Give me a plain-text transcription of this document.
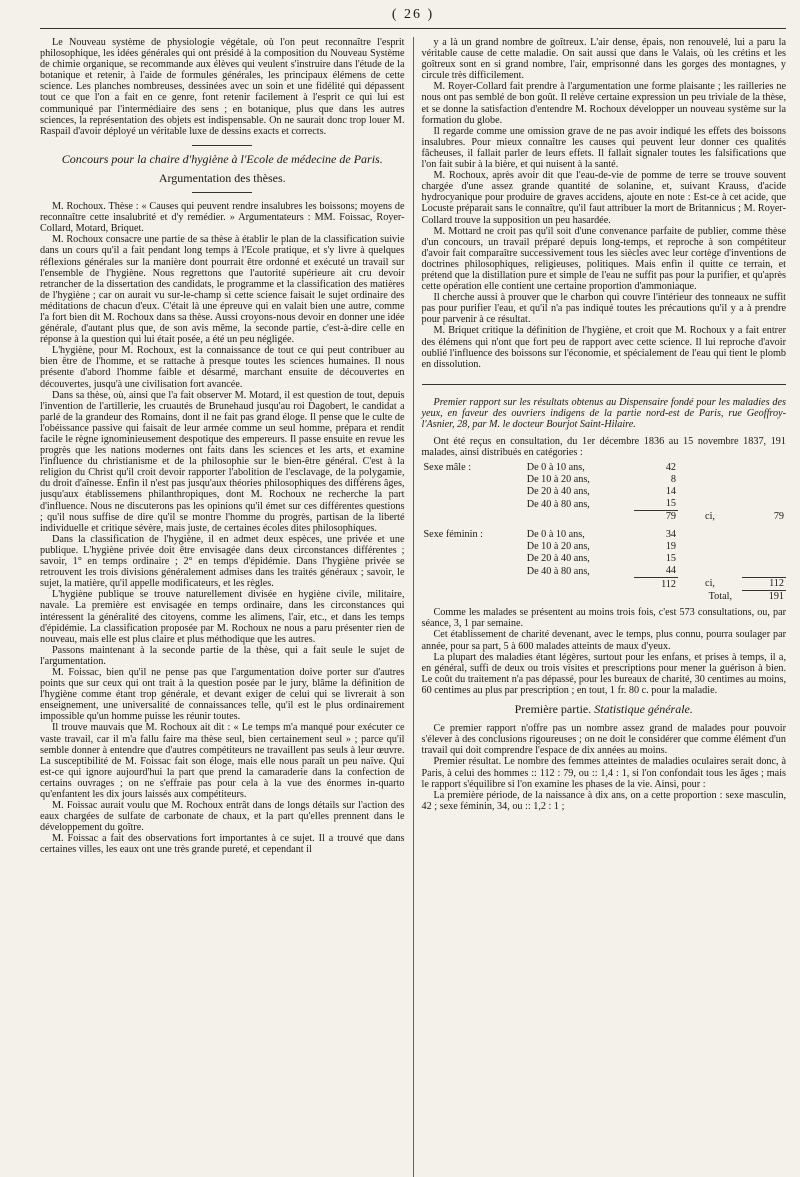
( 26 )

Le Nouveau système de physiologie végétale, où l'on peut reconnaître l'esprit philosophique, les idées générales qui ont présidé à la composition du Nouveau Système de chimie organique, se recommande aux élèves qui veulent s'instruire dans l'étude de la botanique et retenir, à l'aide de formules générales, les principaux élémens de cette science. Les planches nombreuses, dessinées avec un soin et une fidélité qui dépassent tout ce que l'on a fait en ce genre, font retenir facilement à l'esprit ce qui lui est communiqué par l'intermédiaire des sens ; en botanique, plus que dans les autres sciences, la représentation des objets est indispensable. On ne saurait donc trop louer M. Raspail d'avoir déployé un véritable luxe de dessins exacts et corrects.

Concours pour la chaire d'hygiène à l'Ecole de médecine de Paris.

Argumentation des thèses.

M. Rochoux. Thèse : « Causes qui peuvent rendre insalubres les boissons; moyens de reconnaître cette insalubrité et d'y remédier. » Argumentateurs : MM. Foissac, Royer-Collard, Motard, Briquet.

M. Rochoux consacre une partie de sa thèse à établir le plan de la classification suivie dans un cours qu'il a fait pendant long temps à l'Ecole pratique, et s'y livre à quelques réflexions générales sur la manière dont pourrait être ordonné et exécuté un travail sur l'ensemble de l'hygiène. Nous regrettons que l'autorité supérieure ait cru devoir retrancher de la dissertation des candidats, le programme et la classification des matières de l'hygiène ; car on aurait vu sur-le-champ si cette science faisait le sujet ordinaire des méditations de chacun d'eux. C'était là une épreuve qui en valait bien une autre, comme l'a fort bien dit M. Rochoux dans sa thèse. Aussi croyons-nous devoir en donner une idée générale, d'autant plus que, de son avis même, la seconde partie, c'est-à-dire celle en réponse à la question qui lui était posée, a été un peu négligée.

L'hygiène, pour M. Rochoux, est la connaissance de tout ce qui peut contribuer au bien être de l'homme, et se rattache à presque toutes les sciences humaines. Il nous présente d'abord l'homme faible et désarmé, marchant ensuite de découvertes en découvertes, jusqu'à une civilisation fort avancée.

Dans sa thèse, où, ainsi que l'a fait observer M. Motard, il est question de tout, depuis l'invention de l'artillerie, les cruautés de Brunehaud jusqu'au roi Dagobert, le candidat a parlé de la grandeur des Romains, dont il ne fait pas grand éloge. Il pense que le culte de l'obéissance passive qui faisait de leur armée comme un seul homme, prépara et rendit facile le règne ignominieusement despotique des empereurs. Il passe ensuite en revue les progrès que les nations modernes ont faits dans les sciences et les arts, et examine l'influence du christianisme et de la philosophie sur le bien-être général. C'est à la religion du Christ qu'il croit devoir rapporter l'abolition de l'esclavage, de la polygamie, du droit d'aînesse. Enfin il n'est pas jusqu'aux théories philosophiques des différens âges, jusqu'aux établissemens philanthropiques, dont M. Rochoux ne recherche la part d'influence. Nous ne discuterons pas les opinions qu'il émet sur ces différentes questions ; qu'il nous suffise de dire qu'il se montre l'homme du progrès, partisan de la liberté individuelle et critique sévère, mais juste, de certaines écoles dites philosophiques.

Dans la classification de l'hygiène, il en admet deux espèces, une privée et une publique. L'hygiène privée doit être envisagée dans deux circonstances différentes ; savoir, 1° en temps ordinaire ; 2° en temps d'épidémie. Dans l'hygiène privée se retrouvent les trois divisions généralement admises dans les traités généraux ; savoir, le sujet, la matière, qu'il appelle modificateurs, et les règles.

L'hygiène publique se trouve naturellement divisée en hygiène civile, militaire, navale. La première est envisagée en temps ordinaire, dans les circonstances qui intéressent la généralité des citoyens, comme les alimens, l'air, etc., et dans les temps d'épidémie. La classification proposée par M. Rochoux ne nous a paru présenter rien de nouveau, mais elle est plus claire et plus méthodique que les autres.

Passons maintenant à la seconde partie de la thèse, qui a fait seule le sujet de l'argumentation.

M. Foissac, bien qu'il ne pense pas que l'argumentation doive porter sur d'autres points que sur ceux qui ont trait à la question posée par le jury, blâme la définition de l'hygiène comme étant trop générale, et devant exiger de celui qui se livrerait à son enseignement, une universalité de connaissances telle, qu'il est le plus ordinairement impossible qu'un homme puisse les réunir toutes.

Il trouve mauvais que M. Rochoux ait dit : « Le temps m'a manqué pour exécuter ce vaste travail, car il m'a fallu faire ma thèse seul, bien certainement seul » ; parce qu'il semble donner à entendre que d'autres compétiteurs ne travaillent pas seuls à leur œuvre. La susceptibilité de M. Foissac fait son éloge, mais elle nous paraît un peu naïve. Qui est-ce qui ignore aujourd'hui la part que prend la camaraderie dans la confection de certains ouvrages ; on ne s'effraie pas pour cela à la vue des énormes in-quarto qu'enfantent les dix jours laissés aux compétiteurs.

M. Foissac aurait voulu que M. Rochoux entrât dans de longs détails sur l'action des eaux chargées de sulfate de carbonate de chaux, et la part qu'elles prennent dans le développement du goître.

M. Foissac a fait des observations fort importantes à ce sujet. Il a trouvé que dans certaines villes, les eaux ont une très grande pureté, et cependant il

y a là un grand nombre de goîtreux. L'air dense, épais, non renouvelé, lui a paru la véritable cause de cette maladie. On sait aussi que dans le Valais, où les crétins et les goîtreux sont en si grand nombre, l'air, emprisonné dans les gorges des montagnes, y circule très difficilement.

M. Royer-Collard fait prendre à l'argumentation une forme plaisante ; les railleries ne nous ont pas semblé de bon goût. Il relève certaine expression un peu triviale de la thèse, et se donne la satisfaction d'entendre M. Rochoux développer un nouveau système sur la formation du globe.

Il regarde comme une omission grave de ne pas avoir indiqué les effets des boissons insalubres. Pour mieux connaître les causes qui peuvent leur donner ces qualités fâcheuses, il fallait parler de leurs effets. Il fallait signaler toutes les falsifications que l'on fait subir à la bière, et qui nuisent à la santé.

M. Rochoux, après avoir dit que l'eau-de-vie de pomme de terre se trouve souvent chargée d'une assez grande quantité de solanine, et, suivant Krauss, d'acide hydrocyanique pour produire de graves accidens, ajoute en note : Est-ce à cet acide, que Locuste préparait sans le connaître, qu'il faut attribuer la mort de Britannicus ; M. Royer-Collard trouve la supposition un peu hasardée.

M. Mottard ne croit pas qu'il soit d'une convenance parfaite de publier, comme thèse d'un concours, un travail préparé depuis long-temps, et reproche à son compétiteur d'avoir fait comparaître successivement tous les siècles avec leur cortège d'inventions de doctrines philosophiques, religieuses, politiques. Mais enfin il quitte ce terrain, et prétend que la distillation pure et simple de l'eau ne suffit pas pour la purifier, et qu'après cette opération elle contient une certaine proportion d'ammoniaque.

Il cherche aussi à prouver que le charbon qui couvre l'intérieur des tonneaux ne suffit pas pour purifier l'eau, et qu'il n'a pas indiqué toutes les précautions qu'il y a à prendre pour parvenir à ce résultat.

M. Briquet critique la définition de l'hygiène, et croit que M. Rochoux y a fait entrer des élémens qui n'ont que fort peu de rapport avec cette science. Il lui reproche d'avoir oublié l'influence des boissons sur l'économie, et spécialement de l'eau qui tient le plomb en dissolution.

Premier rapport sur les résultats obtenus au Dispensaire fondé pour les maladies des yeux, en faveur des ouvriers indigens de la partie nord-est de Paris, rue Geoffroy-l'Asnier, 28, par M. le docteur Bourjot Saint-Hilaire.

Ont été reçus en consultation, du 1er décembre 1836 au 15 novembre 1837, 191 malades, ainsi distribués en catégories :

Sexe mâle :	De 0 à 10 ans,	42		
	De 10 à 20 ans,	8		
	De 20 à 40 ans,	14		
	De 40 à 80 ans,	15		
		79	ci,	79

Sexe féminin :	De 0 à 10 ans,	34		
	De 10 à 20 ans,	19		
	De 20 à 40 ans,	15		
	De 40 à 80 ans,	44		
		112	ci,	112
	Total,			191

Comme les malades se présentent au moins trois fois, c'est 573 consultations, ou, par séance, 3, 1 par semaine.

Cet établissement de charité devenant, avec le temps, plus connu, pourra soulager par année, pour sa part, 5 à 600 malades atteints de maux d'yeux.

La plupart des maladies étant légères, surtout pour les enfans, et prises à temps, il a, en général, suffi de deux ou trois visites et prescriptions pour mener la guérison à bien. Le coût du traitement n'a pas dépassé, pour les bureaux de charité, 30 centimes au moins, 60 centimes au plus par prescription ; en tout, 1 fr. 80 c. pour la maladie.

Première partie. Statistique générale.

Ce premier rapport n'offre pas un nombre assez grand de malades pour pouvoir s'élever à des conclusions rigoureuses ; on ne doit le considérer que comme élément d'un travail qui doit comprendre l'espace de dix années au moins.

Premier résultat. Le nombre des femmes atteintes de maladies oculaires serait donc, à Paris, à celui des hommes :: 112 : 79, ou :: 1,4 : 1, si l'on confondait tous les âges ; mais le rapport s'équilibre si l'on examine les phases de la vie. Ainsi, pour :

La première période, de la naissance à dix ans, on a cette proportion : sexe masculin, 42 ; sexe féminin, 34, ou :: 1,2 : 1 ;
